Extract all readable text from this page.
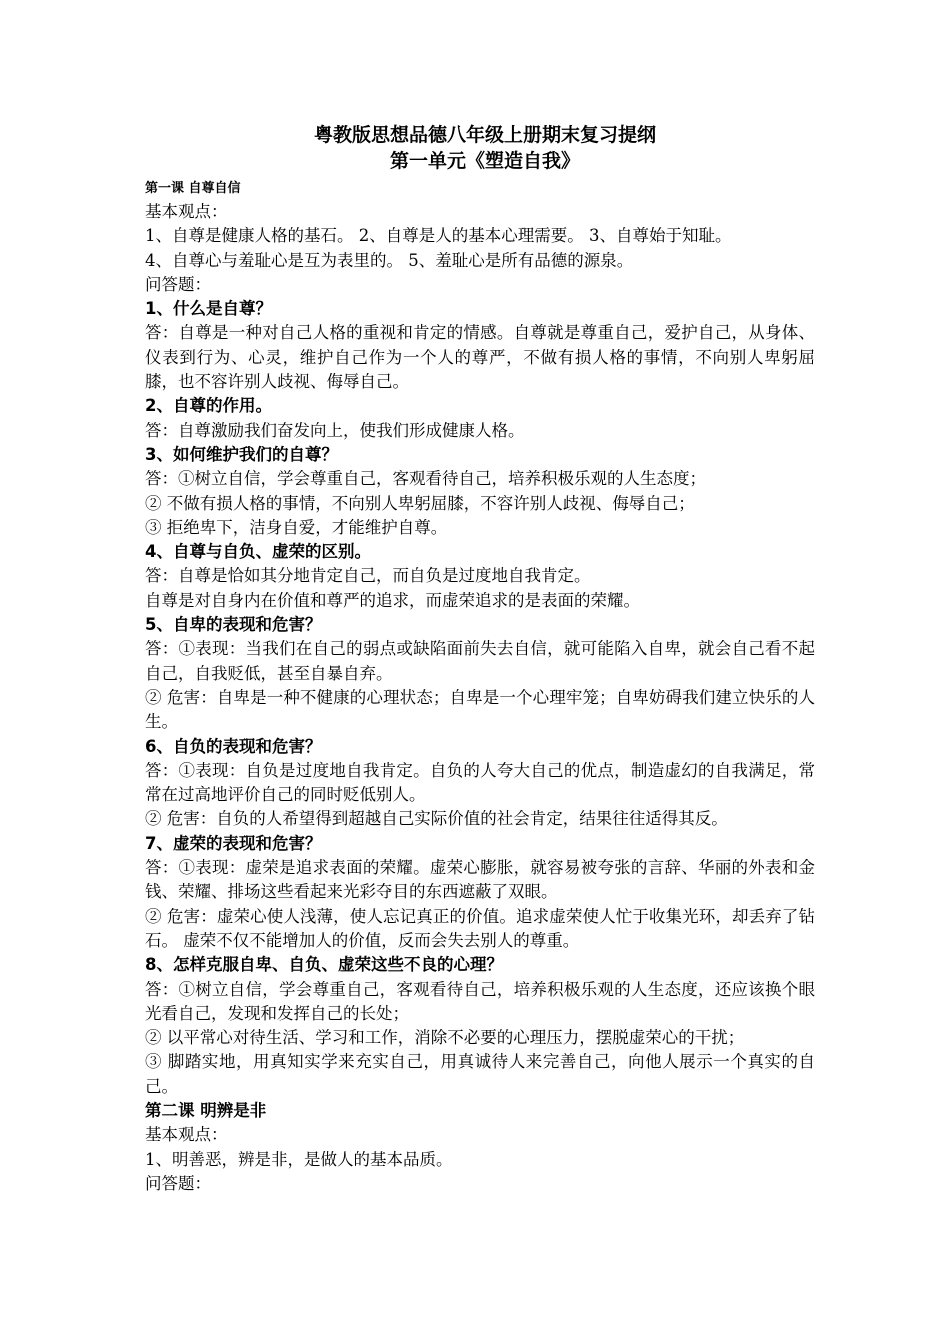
粤教版思想品德八年级上册期末复习提纲
第一单元《塑造自我》
第一课 自尊自信

基本观点：

1、自尊是健康人格的基石。 2、自尊是人的基本心理需要。 3、自尊始于知耻。

4、自尊心与羞耻心是互为表里的。 5、羞耻心是所有品德的源泉。

问答题：

1、什么是自尊？

答：自尊是一种对自己人格的重视和肯定的情感。自尊就是尊重自己，爱护自己，从身体、仪表到行为、心灵，维护自己作为一个人的尊严，不做有损人格的事情，不向别人卑躬屈膝，也不容许别人歧视、侮辱自己。

2、自尊的作用。

答：自尊激励我们奋发向上，使我们形成健康人格。

3、如何维护我们的自尊？

答：①树立自信，学会尊重自己，客观看待自己，培养积极乐观的人生态度；

② 不做有损人格的事情，不向别人卑躬屈膝，不容许别人歧视、侮辱自己；

③ 拒绝卑下，洁身自爱，才能维护自尊。

4、自尊与自负、虚荣的区别。

答：自尊是恰如其分地肯定自己，而自负是过度地自我肯定。

自尊是对自身内在价值和尊严的追求，而虚荣追求的是表面的荣耀。

5、自卑的表现和危害？

答：①表现：当我们在自己的弱点或缺陷面前失去自信，就可能陷入自卑，就会自己看不起自己，自我贬低，甚至自暴自弃。

② 危害：自卑是一种不健康的心理状态；自卑是一个心理牢笼；自卑妨碍我们建立快乐的人生。

6、自负的表现和危害？

答：①表现：自负是过度地自我肯定。自负的人夸大自己的优点，制造虚幻的自我满足，常常在过高地评价自己的同时贬低别人。

② 危害：自负的人希望得到超越自己实际价值的社会肯定，结果往往适得其反。

7、虚荣的表现和危害？

答：①表现：虚荣是追求表面的荣耀。虚荣心膨胀，就容易被夸张的言辞、华丽的外表和金钱、荣耀、排场这些看起来光彩夺目的东西遮蔽了双眼。

② 危害：虚荣心使人浅薄，使人忘记真正的价值。追求虚荣使人忙于收集光环，却丢弃了钻石。 虚荣不仅不能增加人的价值，反而会失去别人的尊重。

8、怎样克服自卑、自负、虚荣这些不良的心理？

答：①树立自信，学会尊重自己，客观看待自己，培养积极乐观的人生态度，还应该换个眼光看自己，发现和发挥自己的长处；

② 以平常心对待生活、学习和工作，消除不必要的心理压力，摆脱虚荣心的干扰；

③ 脚踏实地，用真知实学来充实自己，用真诚待人来完善自己，向他人展示一个真实的自己。

第二课 明辨是非

基本观点：

1、明善恶，辨是非，是做人的基本品质。

问答题：
